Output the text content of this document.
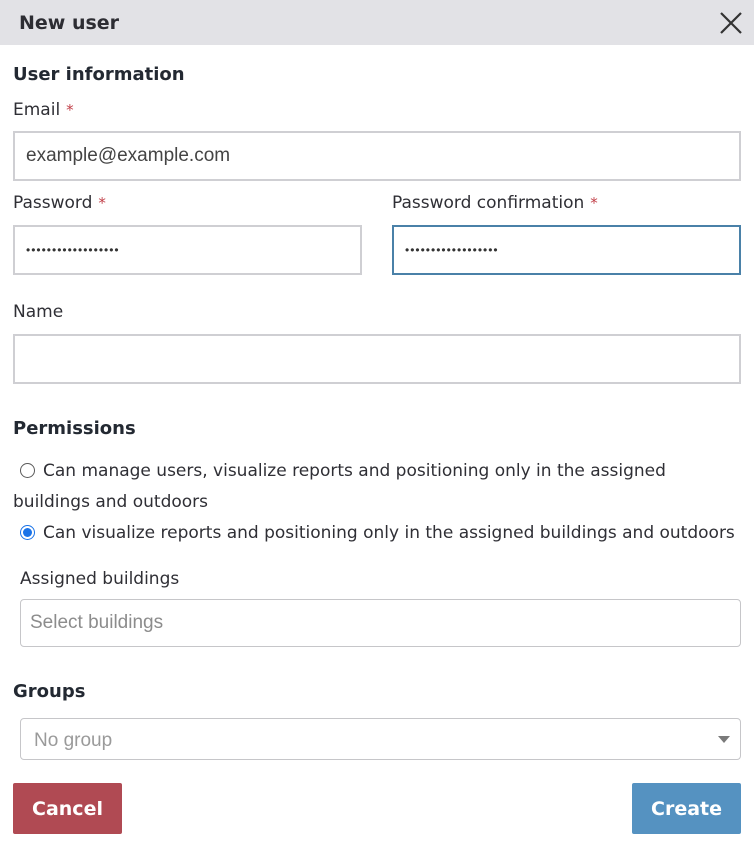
New user
User information
Email *
example@example.com
Password *	Password confirmation *
Name
Permissions
Can manage users, visualize reports and positioning only in the assigned buildings and outdoors
Can visualize reports and positioning only in the assigned buildings and outdoors
Assigned buildings
Select buildings
Groups
No group
Cancel	Create
